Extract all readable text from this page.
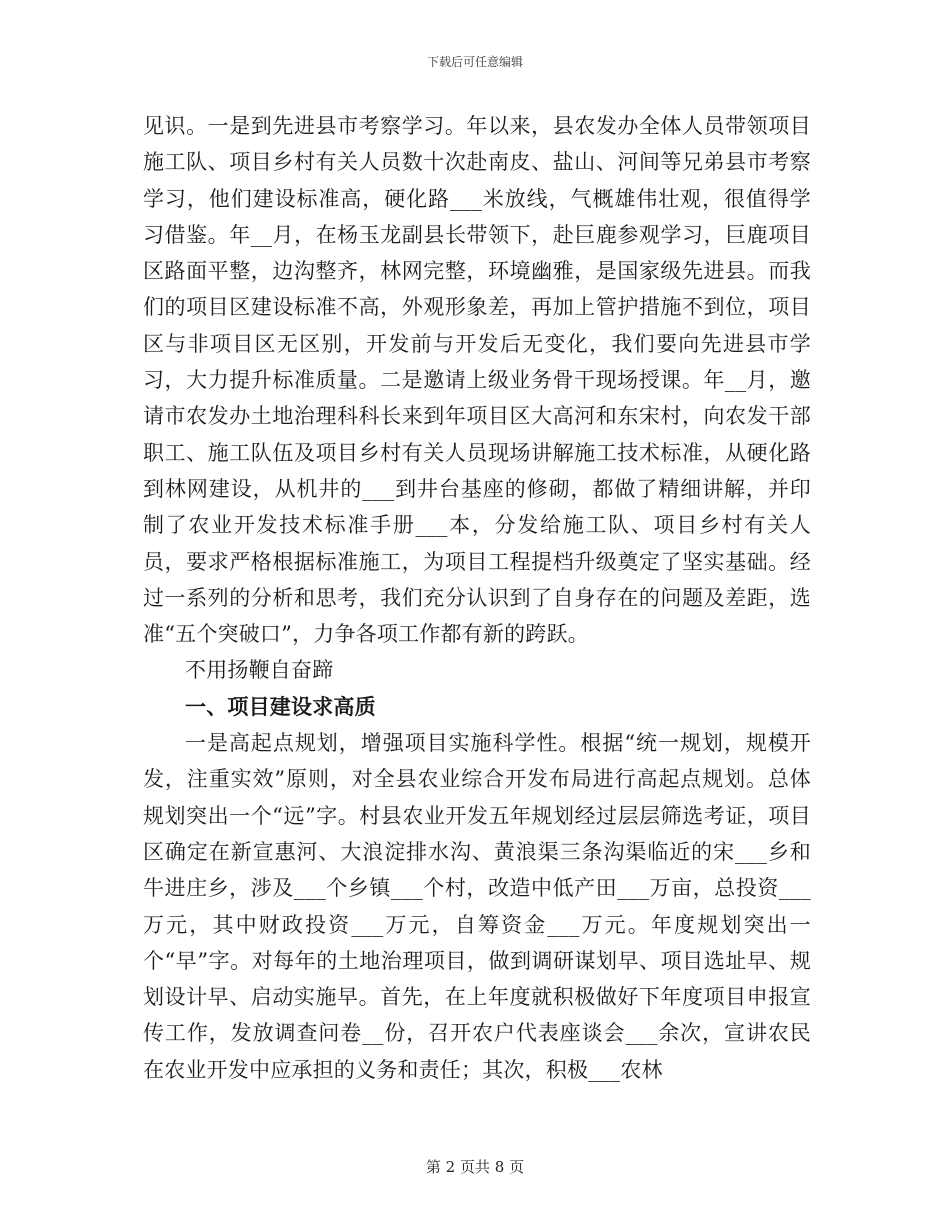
下载后可任意编辑

见识。一是到先进县市考察学习。年以来，县农发办全体人员带领项目施工队、项目乡村有关人员数十次赴南皮、盐山、河间等兄弟县市考察学习，他们建设标准高，硬化路___米放线，气概雄伟壮观，很值得学习借鉴。年__月，在杨玉龙副县长带领下，赴巨鹿参观学习，巨鹿项目区路面平整，边沟整齐，林网完整，环境幽雅，是国家级先进县。而我们的项目区建设标准不高，外观形象差，再加上管护措施不到位，项目区与非项目区无区别，开发前与开发后无变化，我们要向先进县市学习，大力提升标准质量。二是邀请上级业务骨干现场授课。年__月，邀请市农发办土地治理科科长来到年项目区大高河和东宋村，向农发干部职工、施工队伍及项目乡村有关人员现场讲解施工技术标准，从硬化路到林网建设，从机井的___到井台基座的修砌，都做了精细讲解，并印制了农业开发技术标准手册___本，分发给施工队、项目乡村有关人员，要求严格根据标准施工，为项目工程提档升级奠定了坚实基础。经过一系列的分析和思考，我们充分认识到了自身存在的问题及差距，选准“五个突破口”，力争各项工作都有新的跨跃。

不用扬鞭自奋蹄

一、项目建设求高质

一是高起点规划，增强项目实施科学性。根据“统一规划，规模开发，注重实效”原则，对全县农业综合开发布局进行高起点规划。总体规划突出一个“远”字。村县农业开发五年规划经过层层筛选考证，项目区确定在新宣惠河、大浪淀排水沟、黄浪渠三条沟渠临近的宋___乡和牛进庄乡，涉及___个乡镇___个村，改造中低产田___万亩，总投资___万元，其中财政投资___万元，自筹资金___万元。年度规划突出一个“早”字。对每年的土地治理项目，做到调研谋划早、项目选址早、规划设计早、启动实施早。首先，在上年度就积极做好下年度项目申报宣传工作，发放调查问卷__份，召开农户代表座谈会___余次，宣讲农民在农业开发中应承担的义务和责任；其次，积极___农林

第 2 页共 8 页
